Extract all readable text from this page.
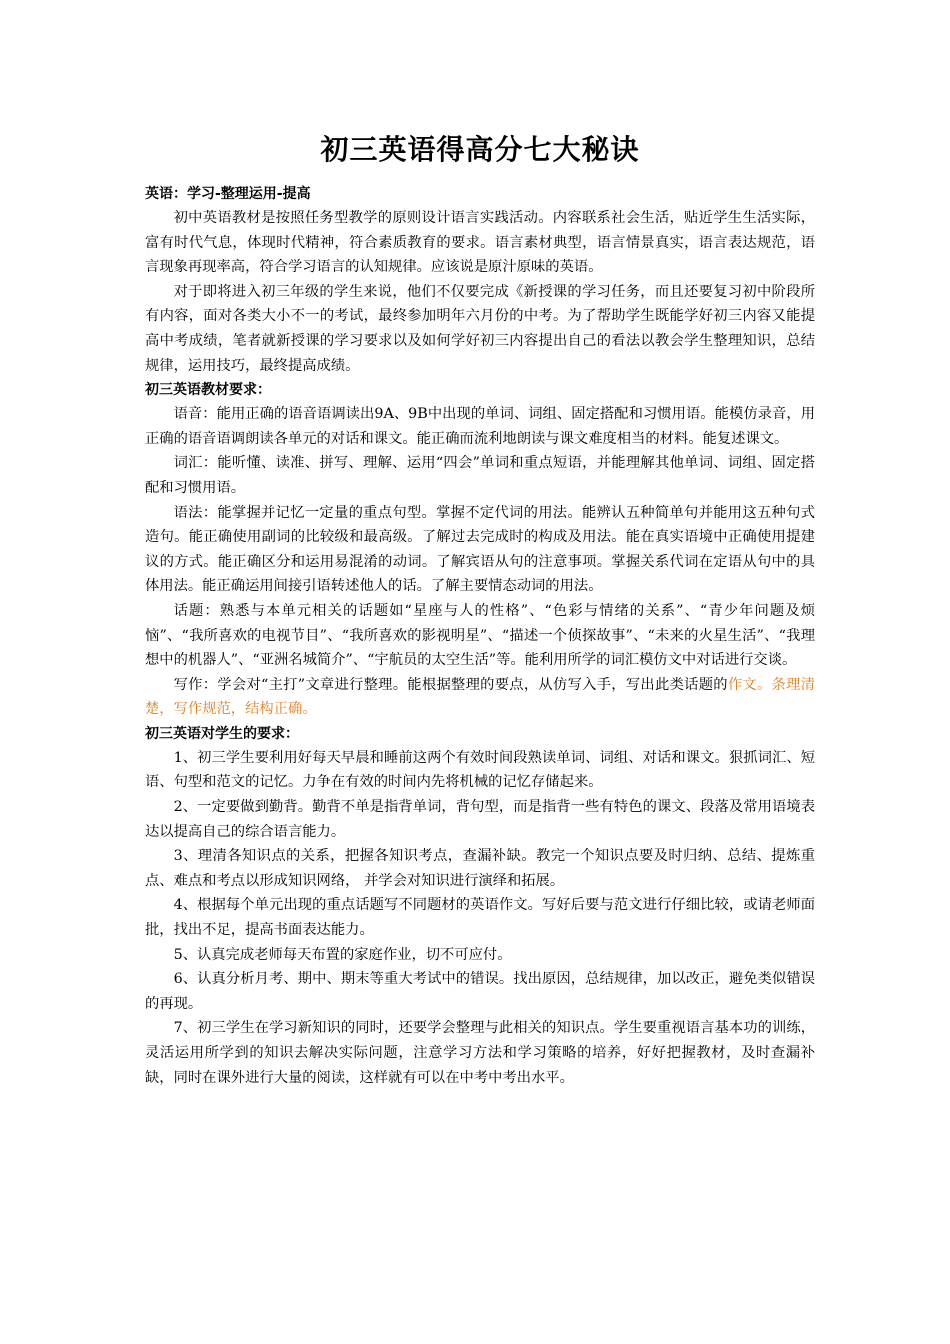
初三英语得高分七大秘诀

英语：学习-整理运用-提高

初中英语教材是按照任务型教学的原则设计语言实践活动。内容联系社会生活，贴近学生生活实际，富有时代气息，体现时代精神，符合素质教育的要求。语言素材典型，语言情景真实，语言表达规范，语言现象再现率高，符合学习语言的认知规律。应该说是原汁原味的英语。

对于即将进入初三年级的学生来说，他们不仅要完成《新授课的学习任务，而且还要复习初中阶段所有内容，面对各类大小不一的考试，最终参加明年六月份的中考。为了帮助学生既能学好初三内容又能提高中考成绩，笔者就新授课的学习要求以及如何学好初三内容提出自己的看法以教会学生整理知识，总结规律，运用技巧，最终提高成绩。

初三英语教材要求：

语音：能用正确的语音语调读出9A、9B中出现的单词、词组、固定搭配和习惯用语。能模仿录音，用正确的语音语调朗读各单元的对话和课文。能正确而流利地朗读与课文难度相当的材料。能复述课文。

词汇：能听懂、读准、拼写、理解、运用“四会”单词和重点短语，并能理解其他单词、词组、固定搭配和习惯用语。

语法：能掌握并记忆一定量的重点句型。掌握不定代词的用法。能辨认五种简单句并能用这五种句式造句。能正确使用副词的比较级和最高级。了解过去完成时的构成及用法。能在真实语境中正确使用提建议的方式。能正确区分和运用易混淆的动词。了解宾语从句的注意事项。掌握关系代词在定语从句中的具体用法。能正确运用间接引语转述他人的话。了解主要情态动词的用法。

话题：熟悉与本单元相关的话题如“星座与人的性格”、“色彩与情绪的关系”、“青少年问题及烦恼”、“我所喜欢的电视节目”、“我所喜欢的影视明星”、“描述一个侦探故事”、“未来的火星生活”、“我理想中的机器人”、“亚洲名城简介”、“宇航员的太空生活”等。能利用所学的词汇模仿文中对话进行交谈。

写作：学会对“主打”文章进行整理。能根据整理的要点，从仿写入手，写出此类话题的作文。条理清楚，写作规范，结构正确。

初三英语对学生的要求：

1、初三学生要利用好每天早晨和睡前这两个有效时间段熟读单词、词组、对话和课文。狠抓词汇、短语、句型和范文的记忆。力争在有效的时间内先将机械的记忆存储起来。

2、一定要做到勤背。勤背不单是指背单词，背句型，而是指背一些有特色的课文、段落及常用语境表达以提高自己的综合语言能力。

3、理清各知识点的关系，把握各知识考点，查漏补缺。教完一个知识点要及时归纳、总结、提炼重点、难点和考点以形成知识网络， 并学会对知识进行演绎和拓展。

4、根据每个单元出现的重点话题写不同题材的英语作文。写好后要与范文进行仔细比较，或请老师面批，找出不足，提高书面表达能力。

5、认真完成老师每天布置的家庭作业，切不可应付。

6、认真分析月考、期中、期末等重大考试中的错误。找出原因，总结规律，加以改正，避免类似错误的再现。

7、初三学生在学习新知识的同时，还要学会整理与此相关的知识点。学生要重视语言基本功的训练，灵活运用所学到的知识去解决实际问题，注意学习方法和学习策略的培养，好好把握教材，及时查漏补缺，同时在课外进行大量的阅读，这样就有可以在中考中考出水平。
